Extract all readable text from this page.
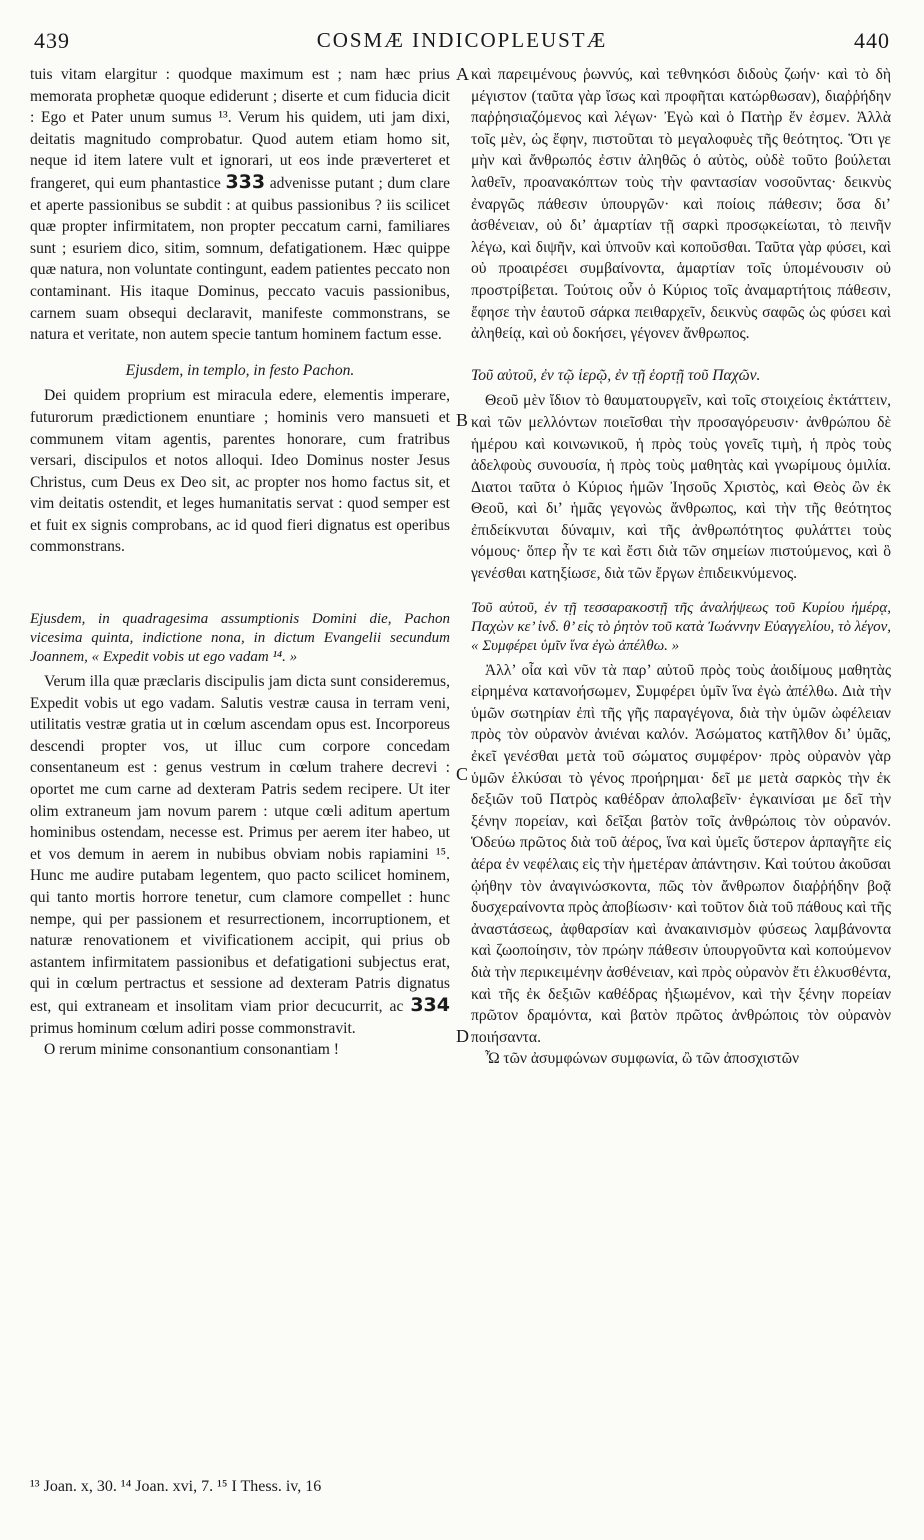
439	COSMÆ INDICOPLEUSTÆ	440
A
B
C
D

tuis vitam elargitur : quodque maximum est ; nam hæc prius memorata prophetæ quoque ediderunt ; diserte et cum fiducia dicit : Ego et Pater unum sumus ¹³. Verum his quidem, uti jam dixi, deitatis magnitudo comprobatur. Quod autem etiam homo sit, neque id item latere vult et ignorari, ut eos inde præverteret et frangeret, qui eum phantastice 333 advenisse putant ; dum clare et aperte passionibus se subdit : at quibus passionibus ? iis scilicet quæ propter infirmitatem, non propter peccatum carni, familiares sunt ; esuriem dico, sitim, somnum, defatigationem. Hæc quippe quæ natura, non voluntate contingunt, eadem patientes peccato non contaminant. His itaque Dominus, peccato vacuis passionibus, carnem suam obsequi declaravit, manifeste commonstrans, se natura et veritate, non autem specie tantum hominem factum esse.

Ejusdem, in templo, in festo Pachon.

Dei quidem proprium est miracula edere, elementis imperare, futurorum prædictionem enuntiare ; hominis vero mansueti et communem vitam agentis, parentes honorare, cum fratribus versari, discipulos et notos alloqui. Ideo Dominus noster Jesus Christus, cum Deus ex Deo sit, ac propter nos homo factus sit, et vim deitatis ostendit, et leges humanitatis servat : quod semper est et fuit ex signis comprobans, ac id quod fieri dignatus est operibus commonstrans.

Ejusdem, in quadragesima assumptionis Domini die, Pachon vicesima quinta, indictione nona, in dictum Evangelii secundum Joannem, « Expedit vobis ut ego vadam ¹⁴. »

Verum illa quæ præclaris discipulis jam dicta sunt consideremus, Expedit vobis ut ego vadam. Salutis vestræ causa in terram veni, utilitatis vestræ gratia ut in cœlum ascendam opus est. Incorporeus descendi propter vos, ut illuc cum corpore concedam consentaneum est : genus vestrum in cœlum trahere decrevi : oportet me cum carne ad dexteram Patris sedem recipere. Ut iter olim extraneum jam novum parem : utque cœli aditum apertum hominibus ostendam, necesse est. Primus per aerem iter habeo, ut et vos demum in aerem in nubibus obviam nobis rapiamini ¹⁵. Hunc me audire putabam legentem, quo pacto scilicet hominem, qui tanto mortis horrore tenetur, cum clamore compellet : hunc nempe, qui per passionem et resurrectionem, incorruptionem, et naturæ renovationem et vivificationem accipit, qui prius ob astantem infirmitatem passionibus et defatigationi subjectus erat, qui in cœlum pertractus et sessione ad dexteram Patris dignatus est, qui extraneam et insolitam viam prior decucurrit, ac 334 primus hominum cœlum adiri posse commonstravit.

O rerum minime consonantium consonantiam !

καὶ παρειμένους ῥωννύς, καὶ τεθνηκόσι διδοὺς ζωήν· καὶ τὸ δὴ μέγιστον (ταῦτα γὰρ ἴσως καὶ προφῆται κατώρθωσαν), διαῤῥήδην παῤῥησιαζόμενος καὶ λέγων· Ἐγὼ καὶ ὁ Πατὴρ ἕν ἐσμεν. Ἀλλὰ τοῖς μὲν, ὡς ἔφην, πιστοῦται τὸ μεγαλοφυὲς τῆς θεότητος. Ὅτι γε μὴν καὶ ἄνθρωπός ἐστιν ἀληθῶς ὁ αὐτὸς, οὐδὲ τοῦτο βούλεται λαθεῖν, προανακόπτων τοὺς τὴν φαντασίαν νοσοῦντας· δεικνὺς ἐναργῶς πάθεσιν ὑπουργῶν· καὶ ποίοις πάθεσιν; ὅσα δι’ ἀσθένειαν, οὐ δι’ ἁμαρτίαν τῇ σαρκὶ προσῳκείωται, τὸ πεινῆν λέγω, καὶ διψῆν, καὶ ὑπνοῦν καὶ κοποῦσθαι. Ταῦτα γὰρ φύσει, καὶ οὐ προαιρέσει συμβαίνοντα, ἁμαρτίαν τοῖς ὑπομένουσιν οὐ προστρίβεται. Τούτοις οὖν ὁ Κύριος τοῖς ἀναμαρτήτοις πάθεσιν, ἔφησε τὴν ἑαυτοῦ σάρκα πειθαρχεῖν, δεικνὺς σαφῶς ὡς φύσει καὶ ἀληθείᾳ, καὶ οὐ δοκήσει, γέγονεν ἄνθρωπος.

Τοῦ αὐτοῦ, ἐν τῷ ἱερῷ, ἐν τῇ ἑορτῇ τοῦ Παχῶν.

Θεοῦ μὲν ἴδιον τὸ θαυματουργεῖν, καὶ τοῖς στοιχείοις ἐκτάττειν, καὶ τῶν μελλόντων ποιεῖσθαι τὴν προσαγόρευσιν· ἀνθρώπου δὲ ἡμέρου καὶ κοινωνικοῦ, ἡ πρὸς τοὺς γονεῖς τιμὴ, ἡ πρὸς τοὺς ἀδελφοὺς συνουσία, ἡ πρὸς τοὺς μαθητὰς καὶ γνωρίμους ὁμιλία. Διατοι ταῦτα ὁ Κύριος ἡμῶν Ἰησοῦς Χριστὸς, καὶ Θεὸς ὢν ἐκ Θεοῦ, καὶ δι’ ἡμᾶς γεγονὼς ἄνθρωπος, καὶ τὴν τῆς θεότητος ἐπιδείκνυται δύναμιν, καὶ τῆς ἀνθρωπότητος φυλάττει τοὺς νόμους· ὅπερ ἦν τε καὶ ἔστι διὰ τῶν σημείων πιστούμενος, καὶ ὃ γενέσθαι κατηξίωσε, διὰ τῶν ἔργων ἐπιδεικνύμενος.

Τοῦ αὐτοῦ, ἐν τῇ τεσσαρακοστῇ τῆς ἀναλήψεως τοῦ Κυρίου ἡμέρᾳ, Παχὼν κε’ ἰνδ. θ’ εἰς τὸ ῥητὸν τοῦ κατὰ Ἰωάννην Εὐαγγελίου, τὸ λέγον, « Συμφέρει ὑμῖν ἵνα ἐγὼ ἀπέλθω. »

Ἀλλ’ οἷα καὶ νῦν τὰ παρ’ αὐτοῦ πρὸς τοὺς ἀοιδίμους μαθητὰς εἰρημένα κατανοήσωμεν, Συμφέρει ὑμῖν ἵνα ἐγὼ ἀπέλθω. Διὰ τὴν ὑμῶν σωτηρίαν ἐπὶ τῆς γῆς παραγέγονα, διὰ τὴν ὑμῶν ὠφέλειαν πρὸς τὸν οὐρανὸν ἀνιέναι καλόν. Ἀσώματος κατῆλθον δι’ ὑμᾶς, ἐκεῖ γενέσθαι μετὰ τοῦ σώματος συμφέρον· πρὸς οὐρανὸν γὰρ ὑμῶν ἑλκύσαι τὸ γένος προήρημαι· δεῖ με μετὰ σαρκὸς τὴν ἐκ δεξιῶν τοῦ Πατρὸς καθέδραν ἀπολαβεῖν· ἐγκαινίσαι με δεῖ τὴν ξένην πορείαν, καὶ δεῖξαι βατὸν τοῖς ἀνθρώποις τὸν οὐρανόν. Ὁδεύω πρῶτος διὰ τοῦ ἀέρος, ἵνα καὶ ὑμεῖς ὕστερον ἁρπαγῆτε εἰς ἀέρα ἐν νεφέλαις εἰς τὴν ἡμετέραν ἀπάντησιν. Καὶ τούτου ἀκοῦσαι ᾠήθην τὸν ἀναγινώσκοντα, πῶς τὸν ἄνθρωπον διαῤῥήδην βοᾷ δυσχεραίνοντα πρὸς ἀποβίωσιν· καὶ τοῦτον διὰ τοῦ πάθους καὶ τῆς ἀναστάσεως, ἀφθαρσίαν καὶ ἀνακαινισμὸν φύσεως λαμβάνοντα καὶ ζωοποίησιν, τὸν πρώην πάθεσιν ὑπουργοῦντα καὶ κοπούμενον διὰ τὴν περικειμένην ἀσθένειαν, καὶ πρὸς οὐρανὸν ἔτι ἑλκυσθέντα, καὶ τῆς ἐκ δεξιῶν καθέδρας ἠξιωμένον, καὶ τὴν ξένην πορείαν πρῶτον δραμόντα, καὶ βατὸν πρῶτος ἀνθρώποις τὸν οὐρανὸν ποιήσαντα.

Ὦ τῶν ἀσυμφώνων συμφωνία, ὢ τῶν ἀποσχιστῶν

¹³ Joan. x, 30. ¹⁴ Joan. xvi, 7. ¹⁵ I Thess. iv, 16
